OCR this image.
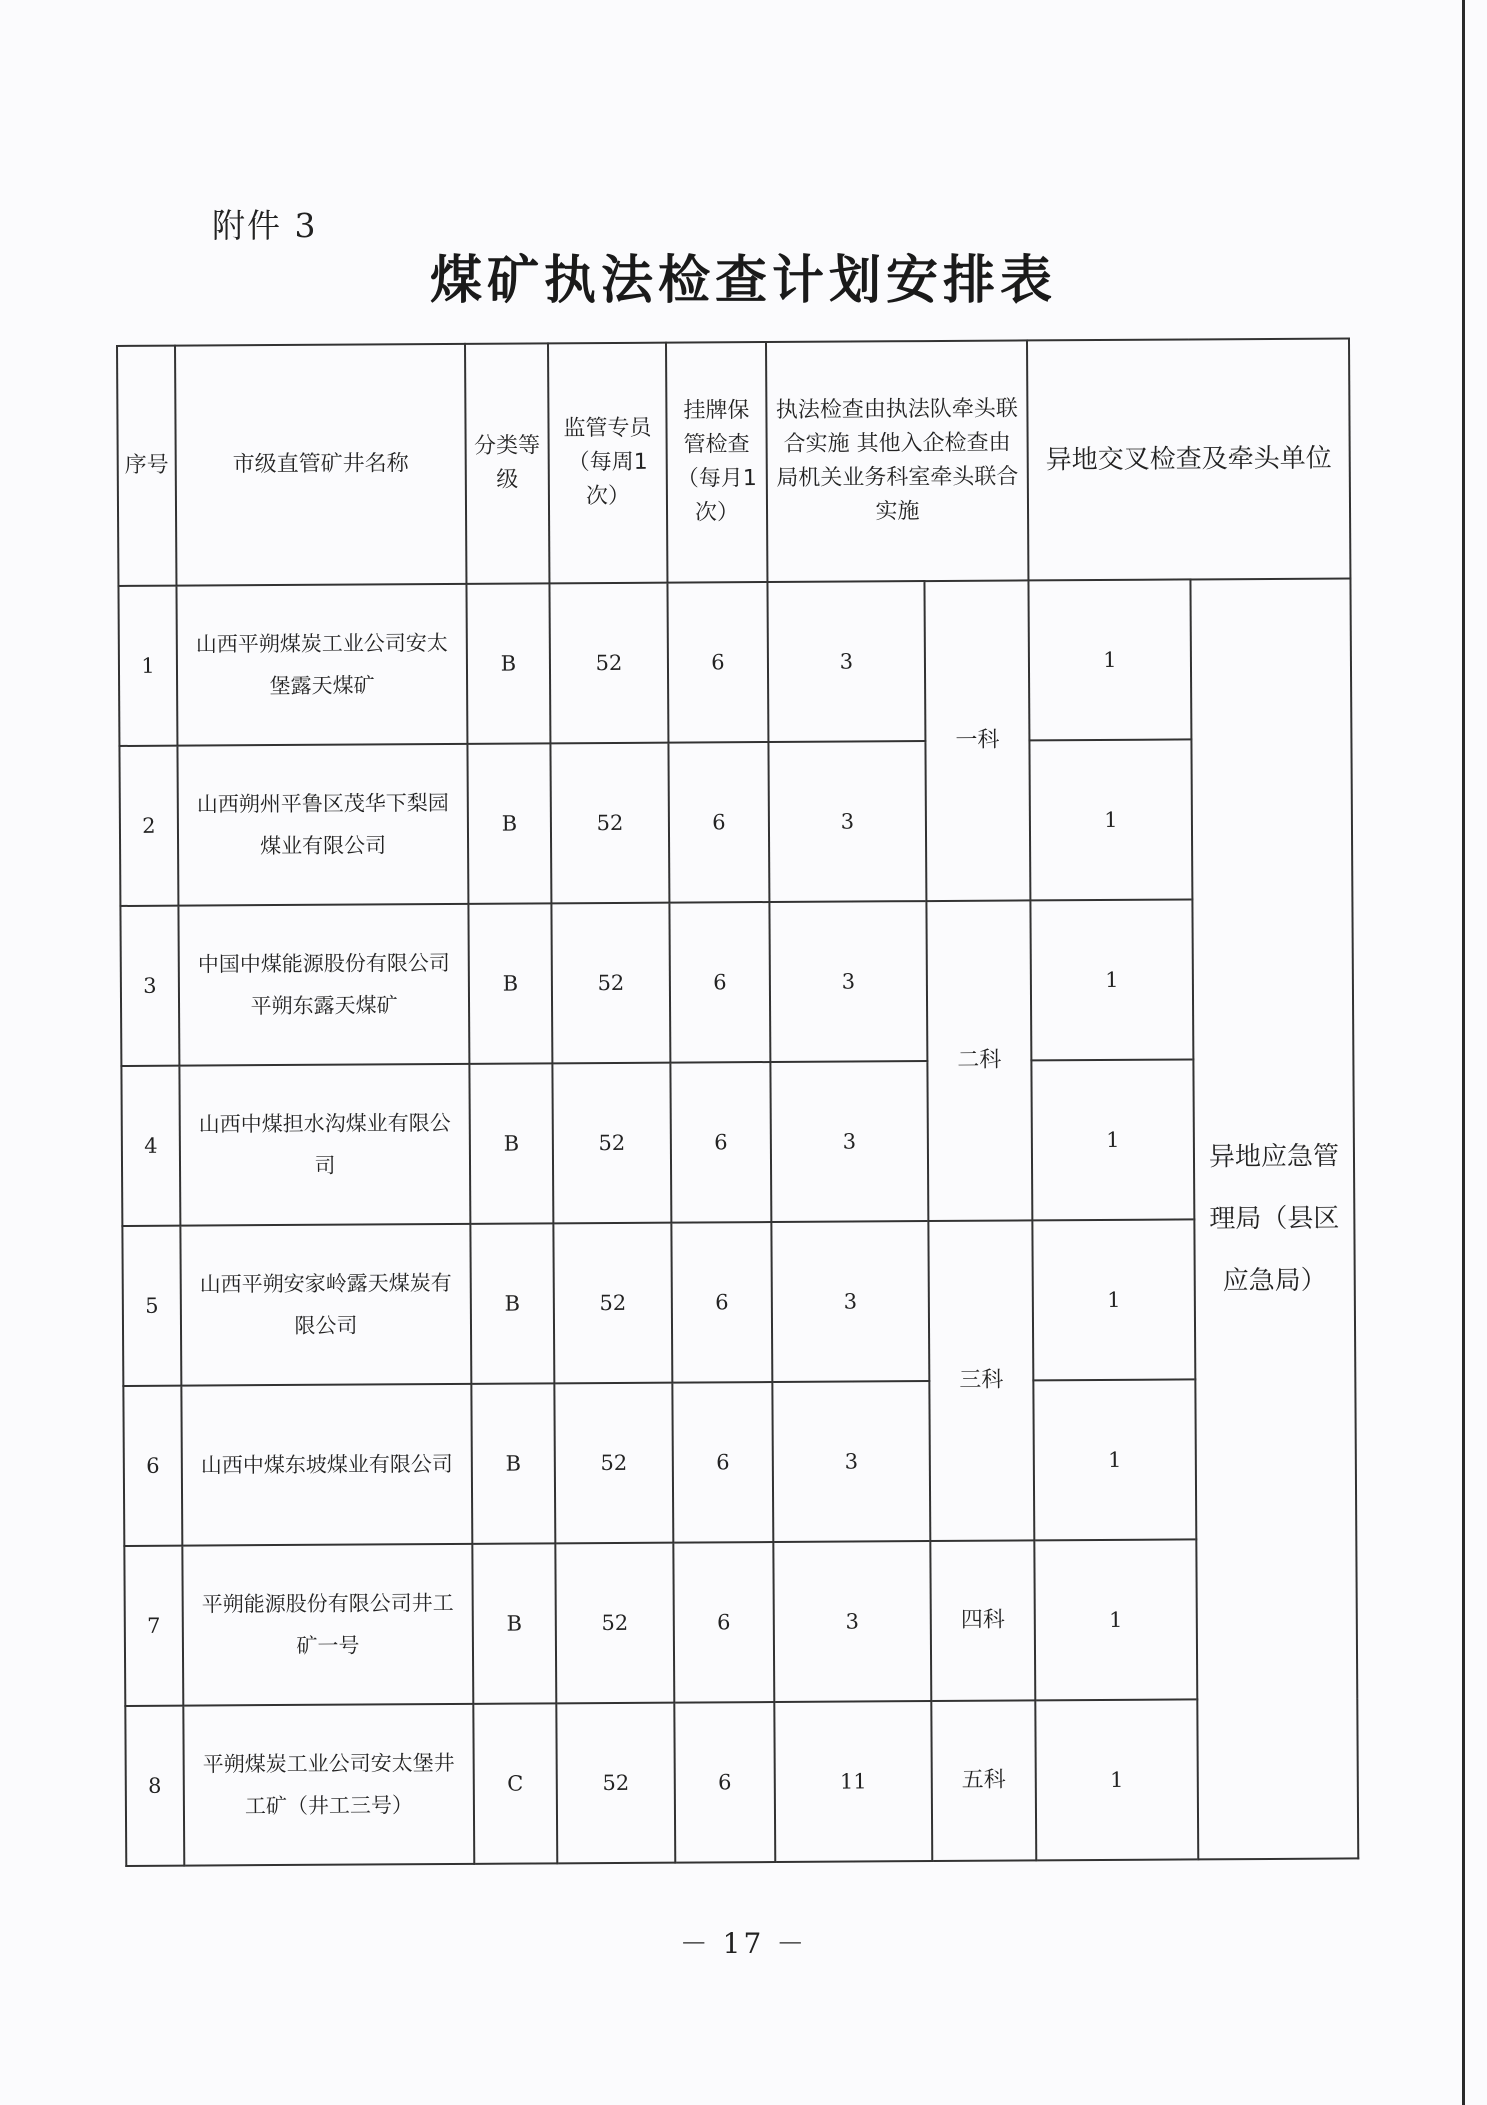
附件 3
煤矿执法检查计划安排表
序号	市级直管矿井名称	分类等级	监管专员（每周1次）	挂牌保管检查（每月1次）	执法检查由执法队牵头联合实施 其他入企检查由局机关业务科室牵头联合实施		异地交叉检查及牵头单位	
1	山西平朔煤炭工业公司安太堡露天煤矿	B	52	6	3	一科	1	异地应急管理局（县区应急局）
2	山西朔州平鲁区茂华下梨园煤业有限公司	B	52	6	3		1	
3	中国中煤能源股份有限公司平朔东露天煤矿	B	52	6	3	二科	1	
4	山西中煤担水沟煤业有限公司	B	52	6	3		1	
5	山西平朔安家岭露天煤炭有限公司	B	52	6	3	三科	1	
6	山西中煤东坡煤业有限公司	B	52	6	3		1	
7	平朔能源股份有限公司井工矿一号	B	52	6	3	四科	1	
8	平朔煤炭工业公司安太堡井工矿（井工三号）	C	52	6	11	五科	1	
－ 17 －
